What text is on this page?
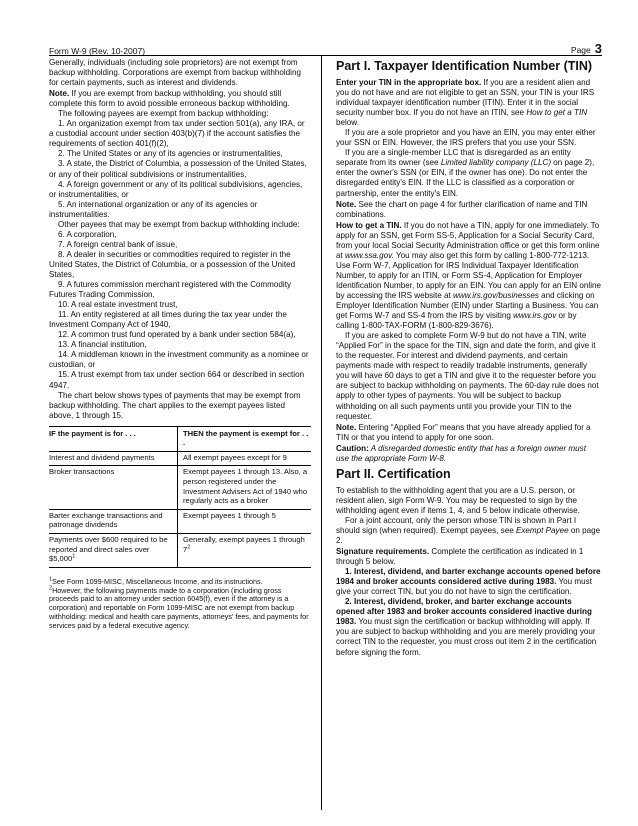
Form W-9 (Rev. 10-2007)	Page 3

Generally, individuals (including sole proprietors) are not exempt from backup withholding. Corporations are exempt from backup withholding for certain payments, such as interest and dividends.

Note. If you are exempt from backup withholding, you should still complete this form to avoid possible erroneous backup withholding.

The following payees are exempt from backup withholding:

1. An organization exempt from tax under section 501(a), any IRA, or a custodial account under section 403(b)(7) if the account satisfies the requirements of section 401(f)(2),

2. The United States or any of its agencies or instrumentalities,

3. A state, the District of Columbia, a possession of the United States, or any of their political subdivisions or instrumentalities,

4. A foreign government or any of its political subdivisions, agencies, or instrumentalities, or

5. An international organization or any of its agencies or instrumentalities.

Other payees that may be exempt from backup withholding include:

6. A corporation,

7. A foreign central bank of issue,

8. A dealer in securities or commodities required to register in the United States, the District of Columbia, or a possession of the United States,

9. A futures commission merchant registered with the Commodity Futures Trading Commission,

10. A real estate investment trust,

11. An entity registered at all times during the tax year under the Investment Company Act of 1940,

12. A common trust fund operated by a bank under section 584(a),

13. A financial institution,

14. A middleman known in the investment community as a nominee or custodian, or

15. A trust exempt from tax under section 664 or described in section 4947.

The chart below shows types of payments that may be exempt from backup withholding. The chart applies to the exempt payees listed above, 1 through 15.

IF the payment is for . . .	THEN the payment is exempt for . . .
Interest and dividend payments	All exempt payees except for 9
Broker transactions	Exempt payees 1 through 13. Also, a person registered under the Investment Advisers Act of 1940 who regularly acts as a broker
Barter exchange transactions and patronage dividends	Exempt payees 1 through 5
Payments over $600 required to be reported and direct sales over $5,000$^1$	Generally, exempt payees 1 through $7^2$

$^1$See Form 1099-MISC, Miscellaneous Income, and its instructions.

$^2$However, the following payments made to a corporation (including gross proceeds paid to an attorney under section 6045(f), even if the attorney is a corporation) and reportable on Form 1099-MISC are not exempt from backup withholding: medical and health care payments, attorneys' fees, and payments for services paid by a federal executive agency.

Part I. Taxpayer Identification Number (TIN)

Enter your TIN in the appropriate box. If you are a resident alien and you do not have and are not eligible to get an SSN, your TIN is your IRS individual taxpayer identification number (ITIN). Enter it in the social security number box. If you do not have an ITIN, see How to get a TIN below.

If you are a sole proprietor and you have an EIN, you may enter either your SSN or EIN. However, the IRS prefers that you use your SSN.

If you are a single-member LLC that is disregarded as an entity separate from its owner (see Limited liability company (LLC) on page 2), enter the owner's SSN (or EIN, if the owner has one). Do not enter the disregarded entity's EIN. If the LLC is classified as a corporation or partnership, enter the entity's EIN.

Note. See the chart on page 4 for further clarification of name and TIN combinations.

How to get a TIN. If you do not have a TIN, apply for one immediately. To apply for an SSN, get Form SS-5, Application for a Social Security Card, from your local Social Security Administration office or get this form online at www.ssa.gov. You may also get this form by calling 1-800-772-1213. Use Form W-7, Application for IRS Individual Taxpayer Identification Number, to apply for an ITIN, or Form SS-4, Application for Employer Identification Number, to apply for an EIN. You can apply for an EIN online by accessing the IRS website at www.irs.gov/businesses and clicking on Employer Identification Number (EIN) under Starting a Business. You can get Forms W-7 and SS-4 from the IRS by visiting www.irs.gov or by calling 1-800-TAX-FORM (1-800-829-3676).

If you are asked to complete Form W-9 but do not have a TIN, write “Applied For” in the space for the TIN, sign and date the form, and give it to the requester. For interest and dividend payments, and certain payments made with respect to readily tradable instruments, generally you will have 60 days to get a TIN and give it to the requester before you are subject to backup withholding on payments. The 60-day rule does not apply to other types of payments. You will be subject to backup withholding on all such payments until you provide your TIN to the requester.

Note. Entering “Applied For” means that you have already applied for a TIN or that you intend to apply for one soon.

Caution: A disregarded domestic entity that has a foreign owner must use the appropriate Form W-8.

Part II. Certification

To establish to the withholding agent that you are a U.S. person, or resident alien, sign Form W-9. You may be requested to sign by the withholding agent even if items 1, 4, and 5 below indicate otherwise.

For a joint account, only the person whose TIN is shown in Part I should sign (when required). Exempt payees, see Exempt Payee on page 2.

Signature requirements. Complete the certification as indicated in 1 through 5 below.

1. Interest, dividend, and barter exchange accounts opened before 1984 and broker accounts considered active during 1983. You must give your correct TIN, but you do not have to sign the certification.

2. Interest, dividend, broker, and barter exchange accounts opened after 1983 and broker accounts considered inactive during 1983. You must sign the certification or backup withholding will apply. If you are subject to backup withholding and you are merely providing your correct TIN to the requester, you must cross out item 2 in the certification before signing the form.
